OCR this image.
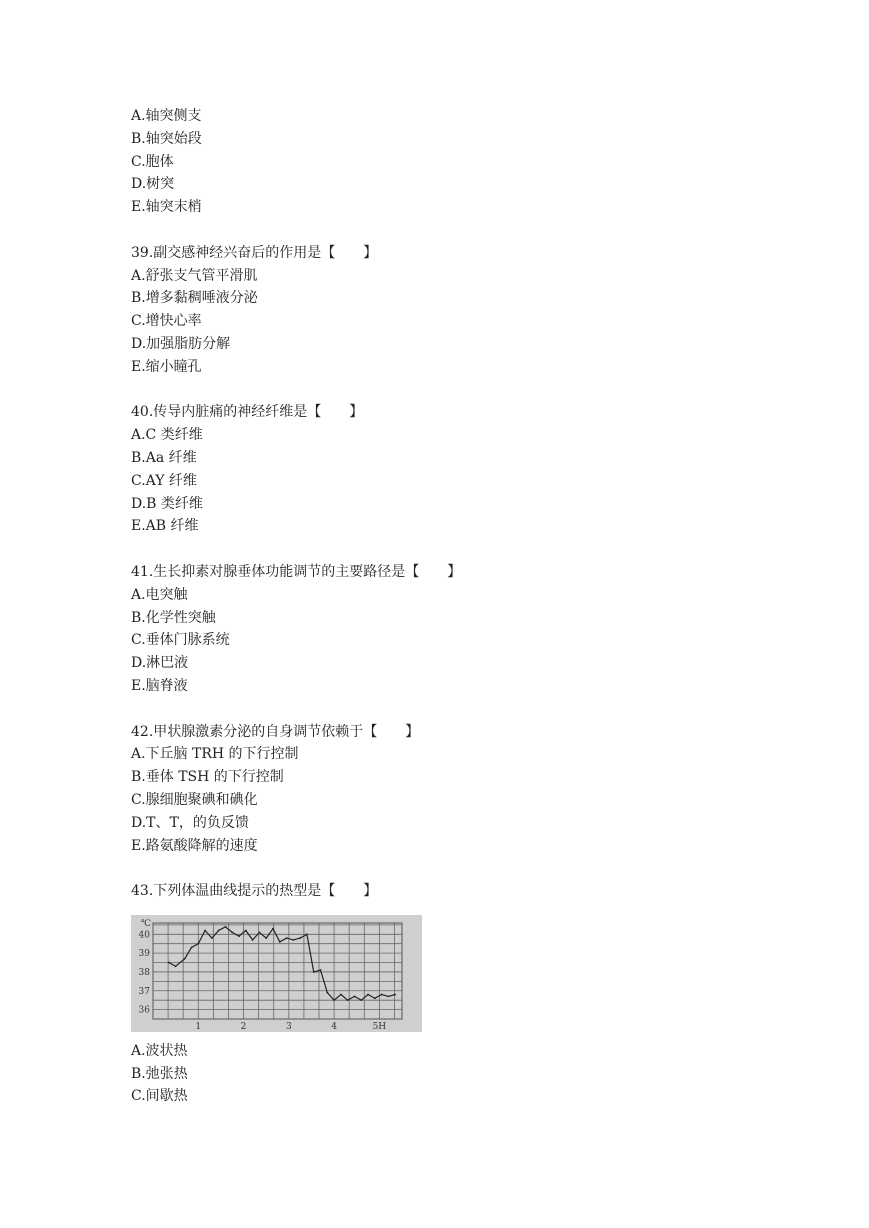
A.轴突侧支
B.轴突始段
C.胞体
D.树突
E.轴突末梢
39.副交感神经兴奋后的作用是【　　】
A.舒张支气管平滑肌
B.增多黏稠唾液分泌
C.增快心率
D.加强脂肪分解
E.缩小瞳孔
40.传导内脏痛的神经纤维是【　　】
A.C 类纤维
B.Aa 纤维
C.AY 纤维
D.B 类纤维
E.AB 纤维
41.生长抑素对腺垂体功能调节的主要路径是【　　】
A.电突触
B.化学性突触
C.垂体门脉系统
D.淋巴液
E.脑脊液
42.甲状腺激素分泌的自身调节依赖于【　　】
A.下丘脑 TRH 的下行控制
B.垂体 TSH 的下行控制
C.腺细胞聚碘和碘化
D.T、T，的负反馈
E.路氨酸降解的速度
43.下列体温曲线提示的热型是【　　】
36
37
38
39
40
1	2	3	4	5H
℃
A.波状热
B.弛张热
C.间歇热
